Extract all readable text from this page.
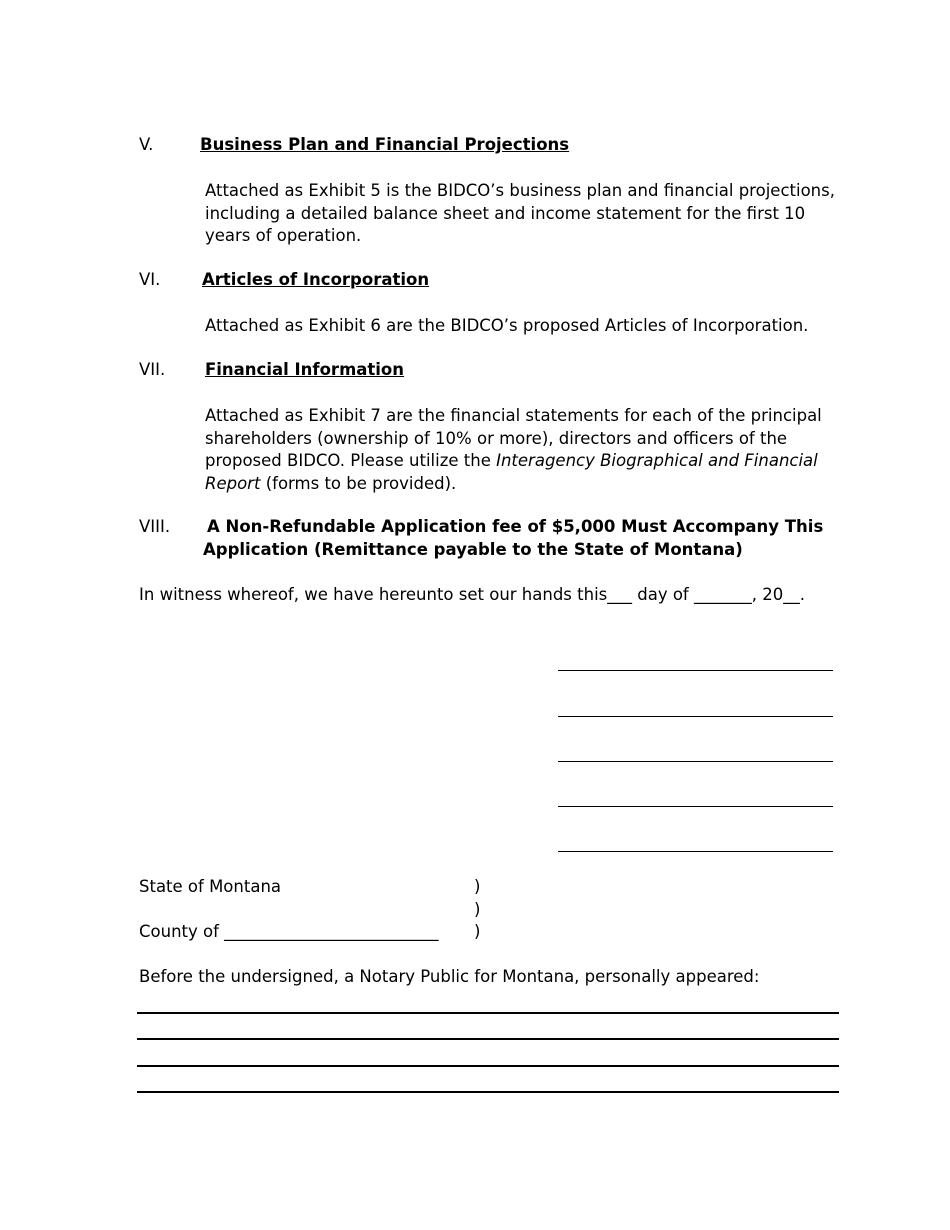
V.	Business Plan and Financial Projections
Attached as Exhibit 5 is the BIDCO’s business plan and financial projections, including a detailed balance sheet and income statement for the first 10 years of operation.
VI.	Articles of Incorporation
Attached as Exhibit 6 are the BIDCO’s proposed Articles of Incorporation.
VII. Financial Information
Attached as Exhibit 7 are the financial statements for each of the principal shareholders (ownership of 10% or more), directors and officers of the proposed BIDCO. Please utilize the Interagency Biographical and Financial Report (forms to be provided).
VIII. A Non-Refundable Application fee of $5,000 Must Accompany This
Application (Remittance payable to the State of Montana)
In witness whereof, we have hereunto set our hands this___ day of _______, 20__.
State of Montana	)
)
County of __________________________ )
Before the undersigned, a Notary Public for Montana, personally appeared:
